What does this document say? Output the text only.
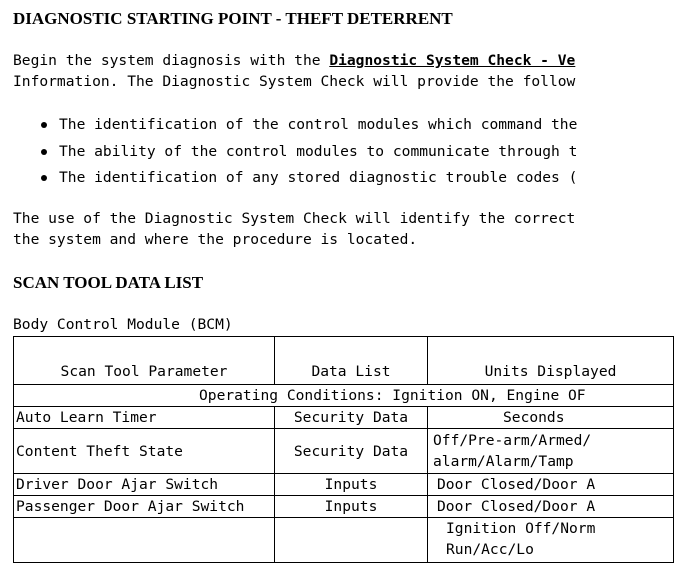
DIAGNOSTIC STARTING POINT - THEFT DETERRENT

Begin the system diagnosis with the Diagnostic System Check - Ve
Information. The Diagnostic System Check will provide the follow

The identification of the control modules which command the
The ability of the control modules to communicate through t
The identification of any stored diagnostic trouble codes (

The use of the Diagnostic System Check will identify the correct
the system and where the procedure is located.

SCAN TOOL DATA LIST

Body Control Module (BCM)

Scan Tool Parameter	Data List	Units Displayed
Operating Conditions: Ignition ON, Engine OF		
Auto Learn Timer	Security Data	Seconds
Content Theft State	Security Data	Off/Pre-arm/Armed/ alarm/Alarm/Tamp
Driver Door Ajar Switch	Inputs	Door Closed/Door A
Passenger Door Ajar Switch	Inputs	Door Closed/Door A
		Ignition Off/Norm Run/Acc/Lo
